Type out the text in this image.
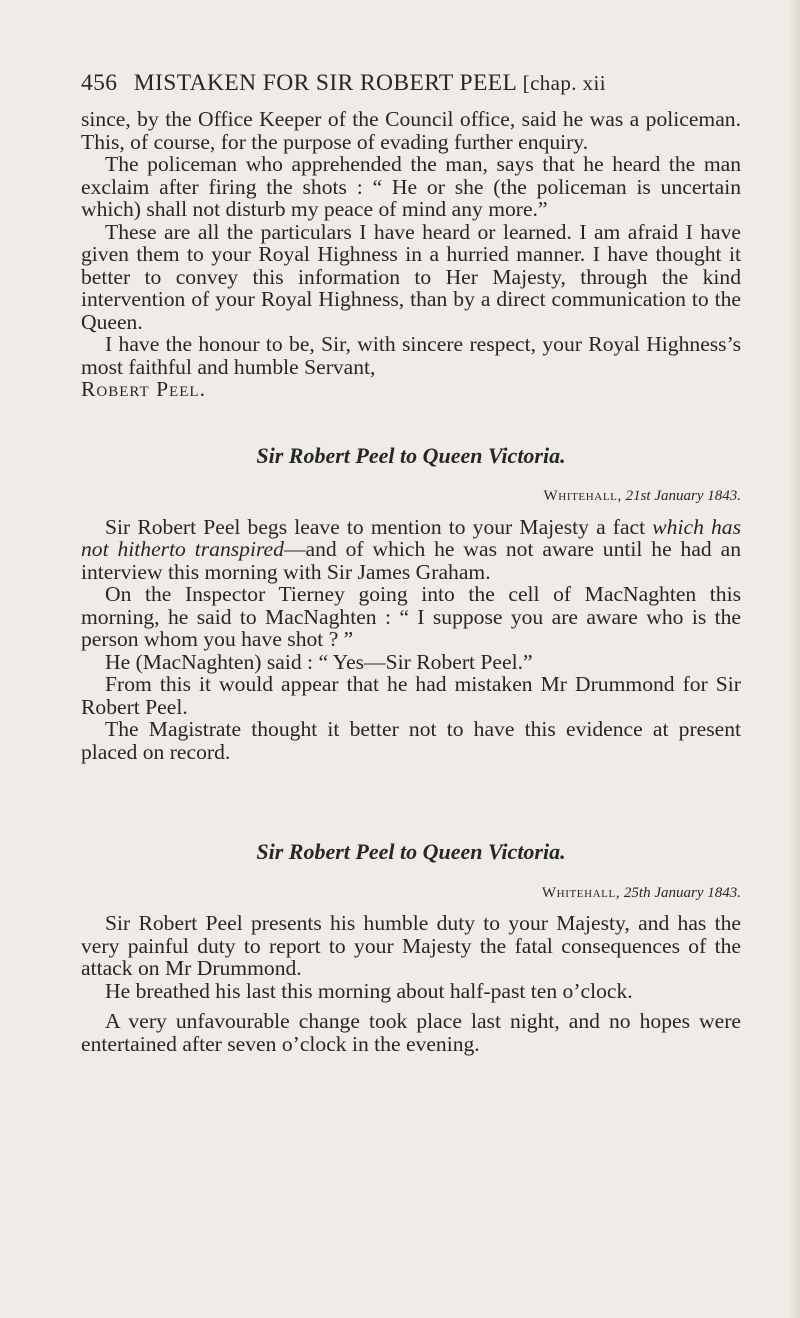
456 MISTAKEN FOR SIR ROBERT PEEL [chap. xii

since, by the Office Keeper of the Council office, said he was a policeman. This, of course, for the purpose of evading further enquiry.

The policeman who apprehended the man, says that he heard the man exclaim after firing the shots : “ He or she (the policeman is uncertain which) shall not disturb my peace of mind any more.”

These are all the particulars I have heard or learned. I am afraid I have given them to your Royal Highness in a hurried manner. I have thought it better to convey this information to Her Majesty, through the kind intervention of your Royal Highness, than by a direct communication to the Queen.

I have the honour to be, Sir, with sincere respect, your Royal Highness’s most faithful and humble Servant,

Robert Peel.

Sir Robert Peel to Queen Victoria.
Whitehall, 21st January 1843.

Sir Robert Peel begs leave to mention to your Majesty a fact which has not hitherto transpired—and of which he was not aware until he had an interview this morning with Sir James Graham.

On the Inspector Tierney going into the cell of MacNaghten this morning, he said to MacNaghten : “ I suppose you are aware who is the person whom you have shot ? ”

He (MacNaghten) said : “ Yes—Sir Robert Peel.”

From this it would appear that he had mistaken Mr Drummond for Sir Robert Peel.

The Magistrate thought it better not to have this evidence at present placed on record.

Sir Robert Peel to Queen Victoria.
Whitehall, 25th January 1843.

Sir Robert Peel presents his humble duty to your Majesty, and has the very painful duty to report to your Majesty the fatal consequences of the attack on Mr Drummond.

He breathed his last this morning about half-past ten o’clock.

A very unfavourable change took place last night, and no hopes were entertained after seven o’clock in the evening.
